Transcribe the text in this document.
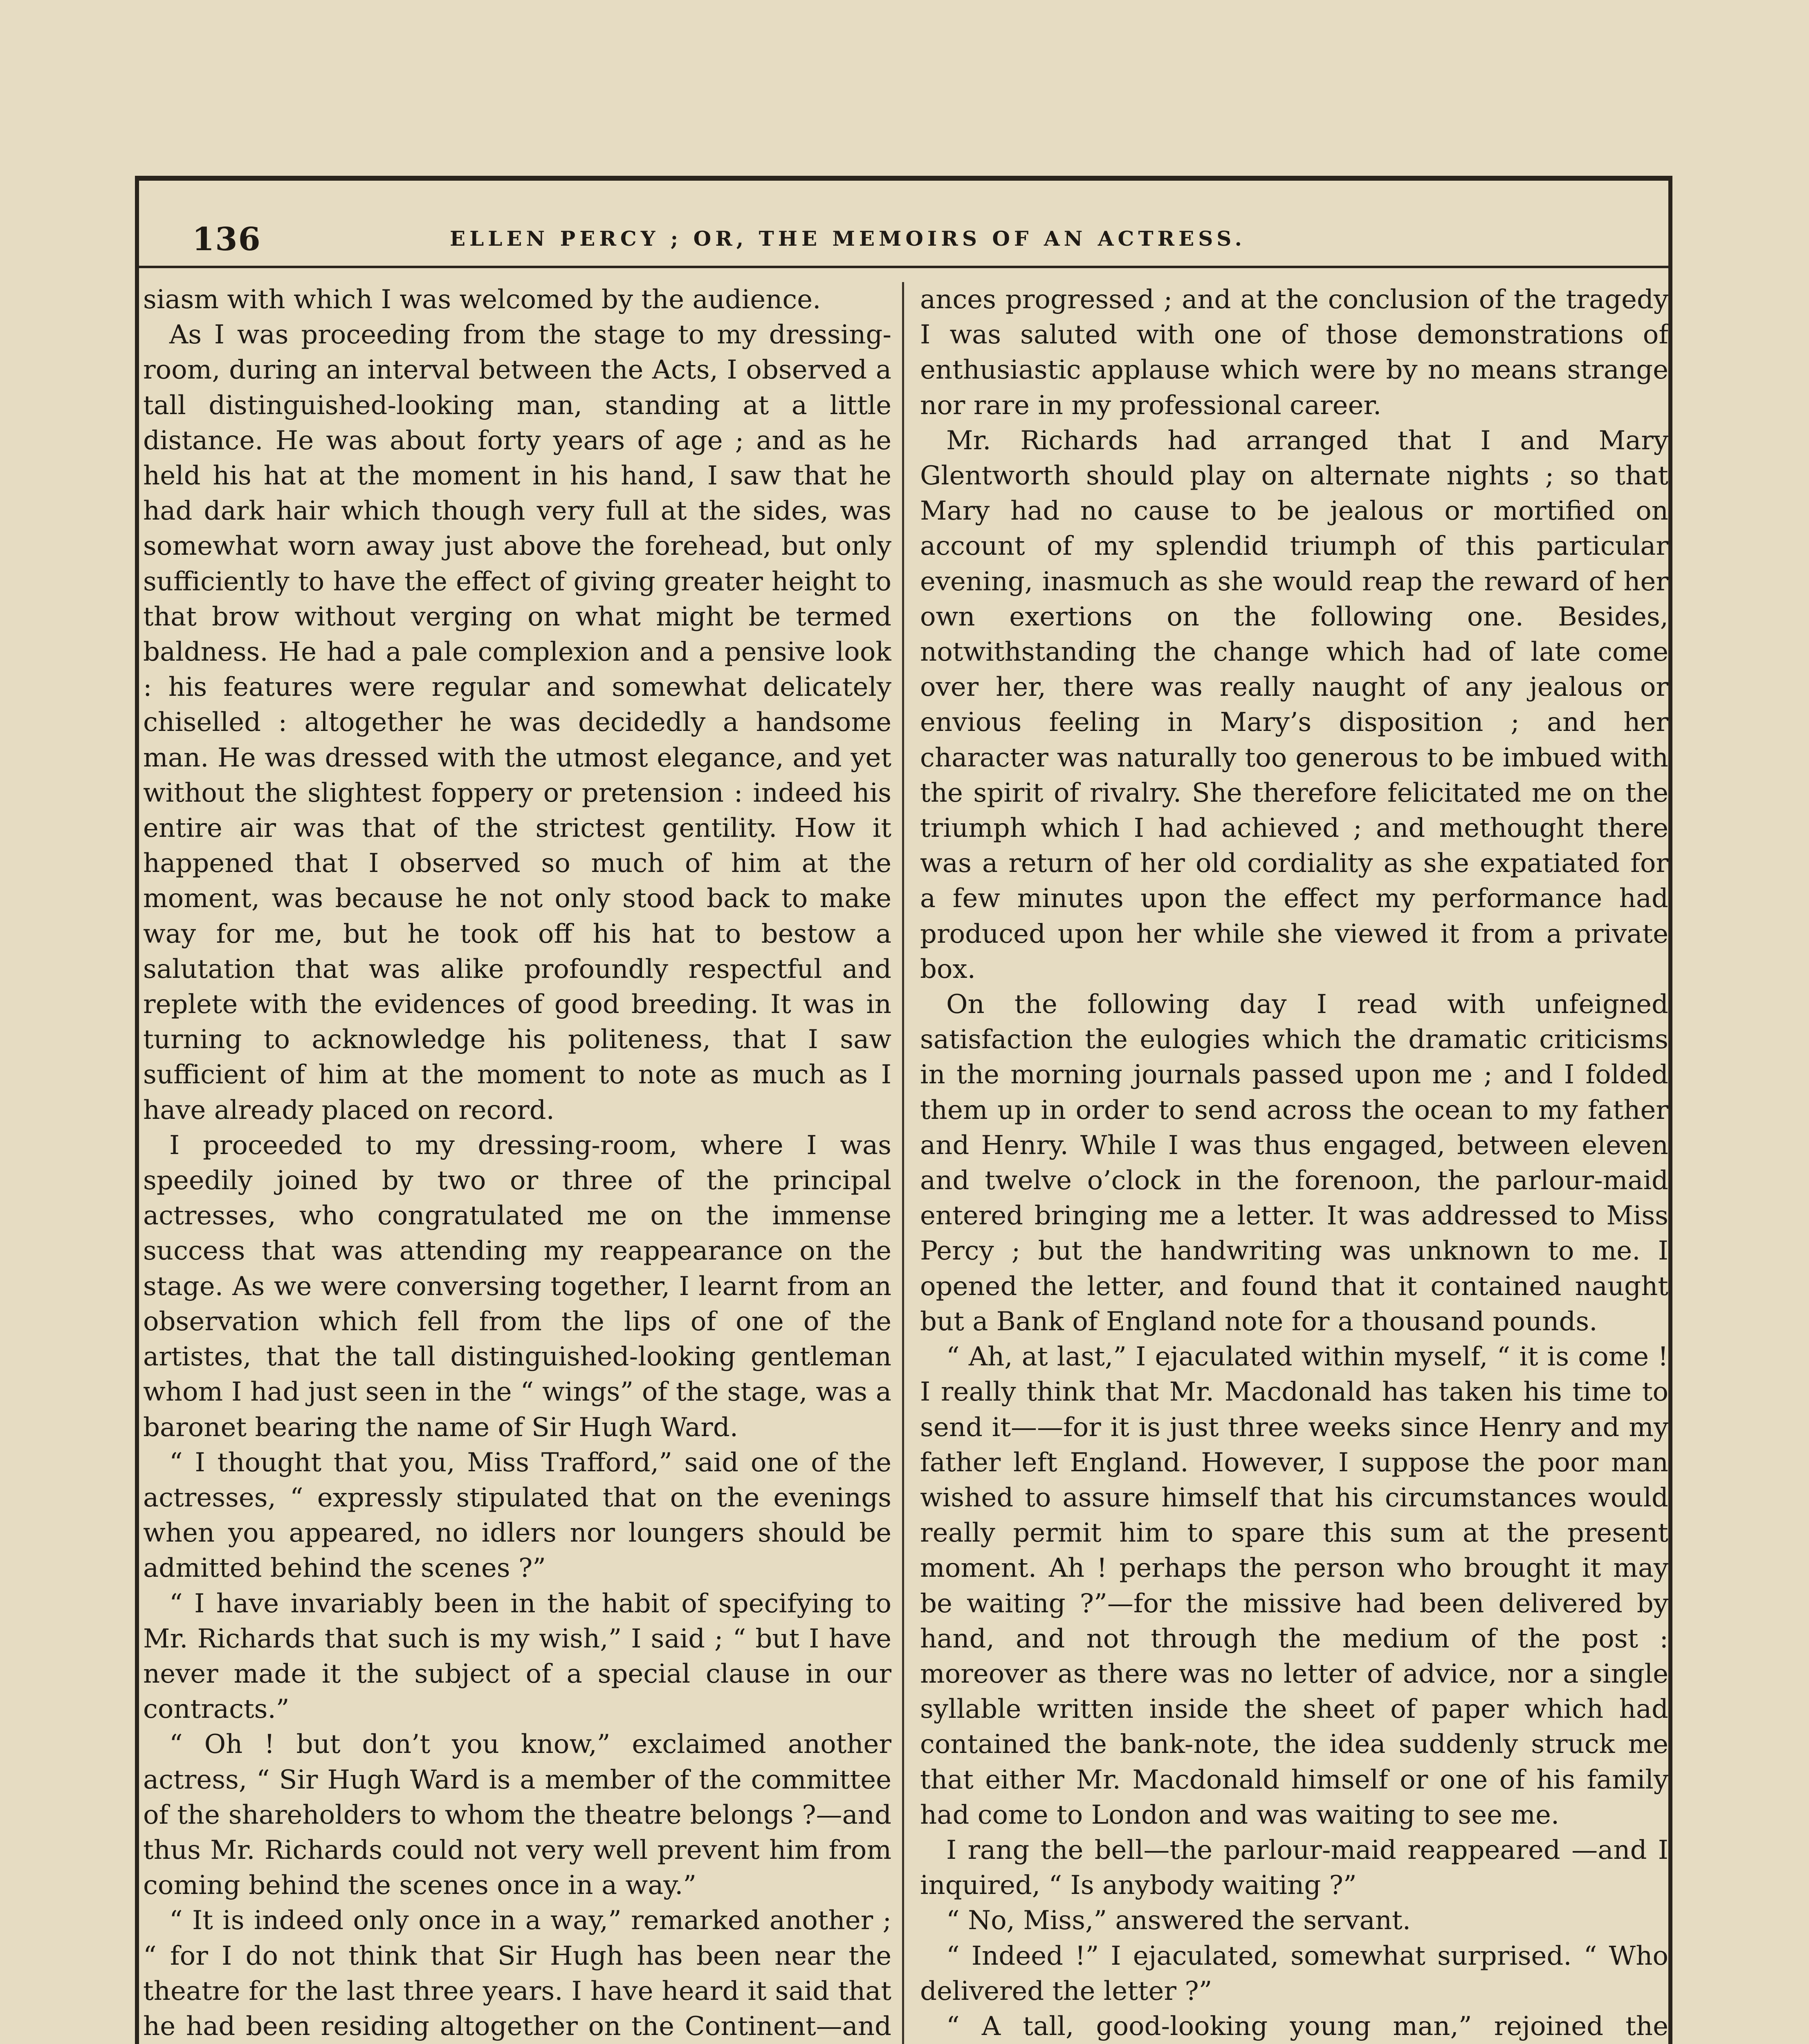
136	ELLEN PERCY ; OR, THE MEMOIRS OF AN ACTRESS.

siasm with which I was welcomed by the audience.

As I was proceeding from the stage to my dressing-room, during an interval between the Acts, I observed a tall distinguished-looking man, standing at a little distance. He was about forty years of age ; and as he held his hat at the moment in his hand, I saw that he had dark hair which though very full at the sides, was somewhat worn away just above the forehead, but only sufficiently to have the effect of giving greater height to that brow without verging on what might be termed baldness. He had a pale complexion and a pensive look : his features were regular and somewhat delicately chiselled : altogether he was decidedly a handsome man. He was dressed with the utmost elegance, and yet without the slightest foppery or pretension : indeed his entire air was that of the strictest gentility. How it happened that I observed so much of him at the moment, was because he not only stood back to make way for me, but he took off his hat to bestow a salutation that was alike profoundly respectful and replete with the evidences of good breeding. It was in turning to acknowledge his politeness, that I saw sufficient of him at the moment to note as much as I have already placed on record.

I proceeded to my dressing-room, where I was speedily joined by two or three of the principal actresses, who congratulated me on the immense success that was attending my reappearance on the stage. As we were conversing together, I learnt from an observation which fell from the lips of one of the artistes, that the tall distinguished-looking gentleman whom I had just seen in the “ wings” of the stage, was a baronet bearing the name of Sir Hugh Ward.

“ I thought that you, Miss Trafford,” said one of the actresses, “ expressly stipulated that on the evenings when you appeared, no idlers nor loungers should be admitted behind the scenes ?”

“ I have invariably been in the habit of specifying to Mr. Richards that such is my wish,” I said ; “ but I have never made it the subject of a special clause in our contracts.”

“ Oh ! but don’t you know,” exclaimed another actress, “ Sir Hugh Ward is a member of the committee of the shareholders to whom the theatre belongs ?—and thus Mr. Richards could not very well prevent him from coming behind the scenes once in a way.”

“ It is indeed only once in a way,” remarked another ; “ for I do not think that Sir Hugh has been near the theatre for the last three years. I have heard it said that he had been residing altogether on the Continent—and

ances progressed ; and at the conclusion of the tragedy I was saluted with one of those demonstrations of enthusiastic applause which were by no means strange nor rare in my professional career.

Mr. Richards had arranged that I and Mary Glentworth should play on alternate nights ; so that Mary had no cause to be jealous or mortified on account of my splendid triumph of this particular evening, inasmuch as she would reap the reward of her own exertions on the following one. Besides, notwithstanding the change which had of late come over her, there was really naught of any jealous or envious feeling in Mary’s disposition ; and her character was naturally too generous to be imbued with the spirit of rivalry. She therefore felicitated me on the triumph which I had achieved ; and methought there was a return of her old cordiality as she expatiated for a few minutes upon the effect my performance had produced upon her while she viewed it from a private box.

On the following day I read with unfeigned satisfaction the eulogies which the dramatic criticisms in the morning journals passed upon me ; and I folded them up in order to send across the ocean to my father and Henry. While I was thus engaged, between eleven and twelve o’clock in the forenoon, the parlour-maid entered bringing me a letter. It was addressed to Miss Percy ; but the handwriting was unknown to me. I opened the letter, and found that it contained naught but a Bank of England note for a thousand pounds.

“ Ah, at last,” I ejaculated within myself, “ it is come ! I really think that Mr. Macdonald has taken his time to send it——for it is just three weeks since Henry and my father left England. However, I suppose the poor man wished to assure himself that his circumstances would really permit him to spare this sum at the present moment. Ah ! perhaps the person who brought it may be waiting ?”—for the missive had been delivered by hand, and not through the medium of the post : moreover as there was no letter of advice, nor a single syllable written inside the sheet of paper which had contained the bank-note, the idea suddenly struck me that either Mr. Macdonald himself or one of his family had come to London and was waiting to see me.

I rang the bell—the parlour-maid reappeared —and I inquired, “ Is anybody waiting ?”

“ No, Miss,” answered the servant.

“ Indeed !” I ejaculated, somewhat surprised. “ Who delivered the letter ?”

“ A tall, good-looking young man,” rejoined the
